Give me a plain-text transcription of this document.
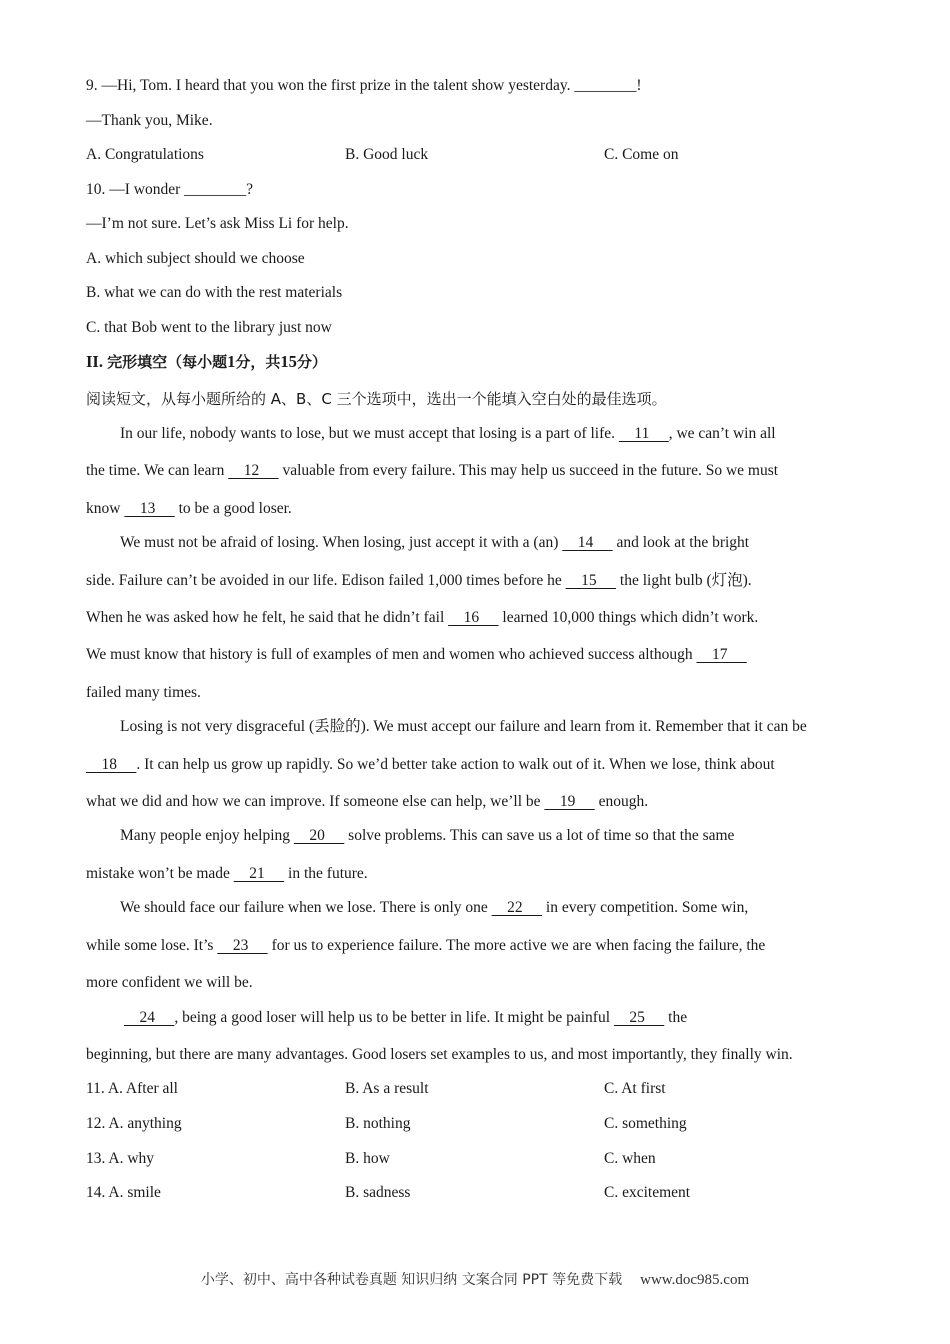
9. —Hi, Tom. I heard that you won the first prize in the talent show yesterday. ________!
—Thank you, Mike.
A. Congratulations	B. Good luck	C. Come on
10. —I wonder ________?
—I’m not sure. Let’s ask Miss Li for help.
A. which subject should we choose
B. what we can do with the rest materials
C. that Bob went to the library just now
II. 完形填空（每小题1分，共15分）
阅读短文，从每小题所给的 A、B、C 三个选项中，选出一个能填入空白处的最佳选项。
In our life, nobody wants to lose, but we must accept that losing is a part of life.     11     , we can’t win all
the time. We can learn     12      valuable from every failure. This may help us succeed in the future. So we must
know     13      to be a good loser.
We must not be afraid of losing. When losing, just accept it with a (an)     14      and look at the bright
side. Failure can’t be avoided in our life. Edison failed 1,000 times before he     15      the light bulb (灯泡).
When he was asked how he felt, he said that he didn’t fail     16      learned 10,000 things which didn’t work.
We must know that history is full of examples of men and women who achieved success although     17
failed many times.
Losing is not very disgraceful (丢脸的). We must accept our failure and learn from it. Remember that it can be
18     . It can help us grow up rapidly. So we’d better take action to walk out of it. When we lose, think about
what we did and how we can improve. If someone else can help, we’ll be     19      enough.
Many people enjoy helping     20      solve problems. This can save us a lot of time so that the same
mistake won’t be made     21      in the future.
We should face our failure when we lose. There is only one     22      in every competition. Some win,
while some lose. It’s     23      for us to experience failure. The more active we are when facing the failure, the
more confident we will be.
24     , being a good loser will help us to be better in life. It might be painful     25      the
beginning, but there are many advantages. Good losers set examples to us, and most importantly, they finally win.
11. A. After all	B. As a result	C. At first
12. A. anything	B. nothing	C. something
13. A. why	B. how	C. when
14. A. smile	B. sadness	C. excitement
小学、初中、高中各种试卷真题 知识归纳 文案合同 PPT 等免费下载 www.doc985.com
